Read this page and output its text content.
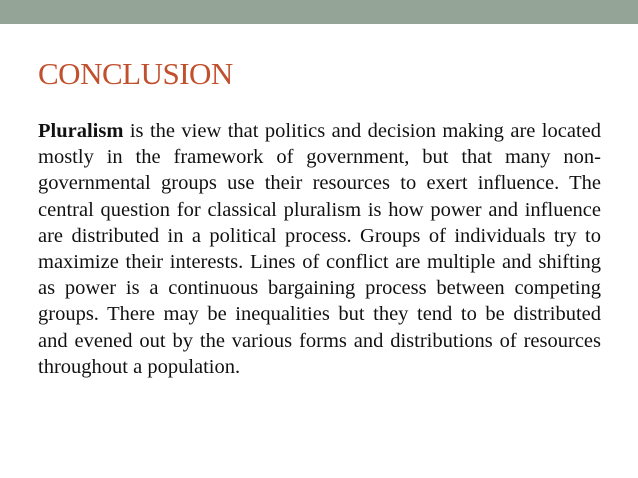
CONCLUSION

Pluralism is the view that politics and decision making are located mostly in the framework of government, but that many non-governmental groups use their resources to exert influence. The central question for classical pluralism is how power and influence are distributed in a political process. Groups of individuals try to maximize their interests. Lines of conflict are multiple and shifting as power is a continuous bargaining process between competing groups. There may be inequalities but they tend to be distributed and evened out by the various forms and distributions of resources throughout a population.
